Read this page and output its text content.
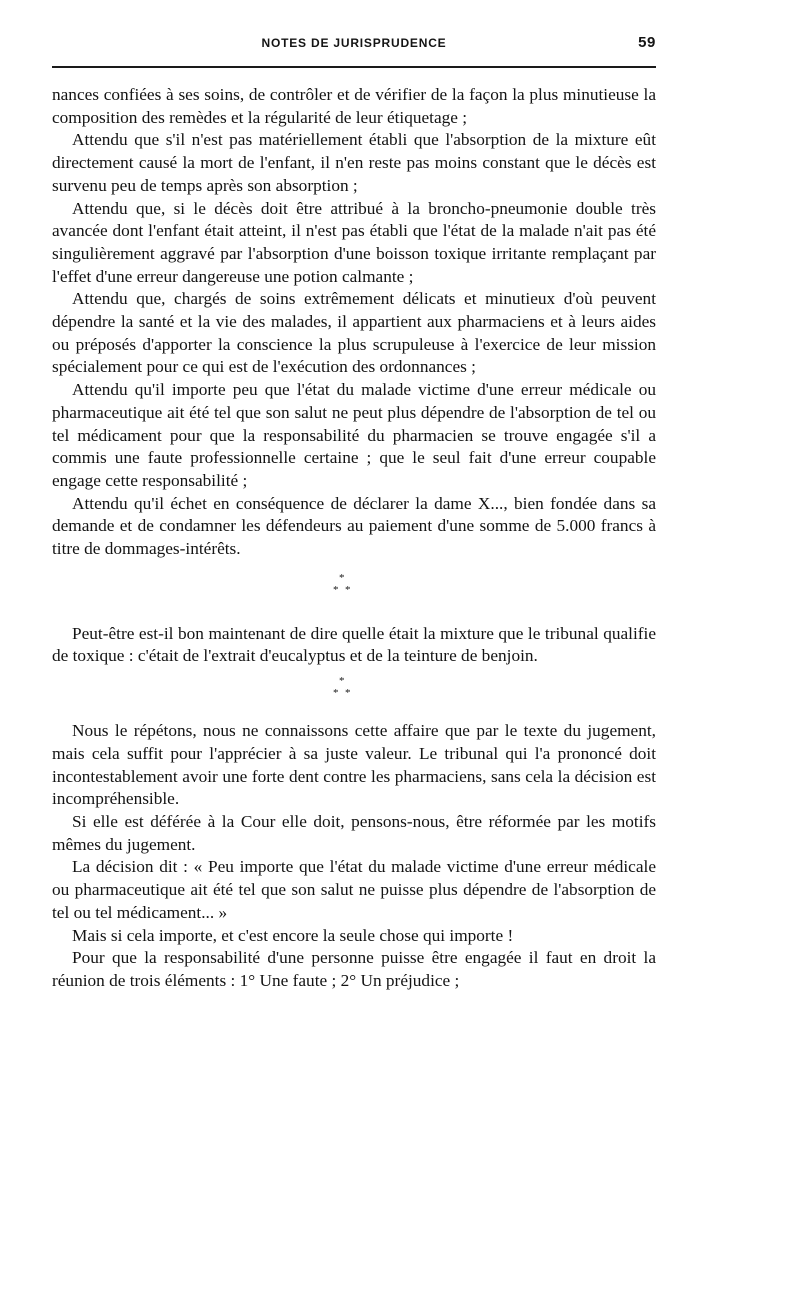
NOTES DE JURISPRUDENCE	59

nances confiées à ses soins, de contrôler et de vérifier de la façon la plus minutieuse la composition des remèdes et la régularité de leur étiquetage ;

Attendu que s'il n'est pas matériellement établi que l'absorption de la mixture eût directement causé la mort de l'enfant, il n'en reste pas moins constant que le décès est survenu peu de temps après son absorption ;

Attendu que, si le décès doit être attribué à la broncho-pneumonie double très avancée dont l'enfant était atteint, il n'est pas établi que l'état de la malade n'ait pas été singulièrement aggravé par l'absorption d'une boisson toxique irritante remplaçant par l'effet d'une erreur dangereuse une potion calmante ;

Attendu que, chargés de soins extrêmement délicats et minutieux d'où peuvent dépendre la santé et la vie des malades, il appartient aux pharmaciens et à leurs aides ou préposés d'apporter la conscience la plus scrupuleuse à l'exercice de leur mission spécialement pour ce qui est de l'exécution des ordonnances ;

Attendu qu'il importe peu que l'état du malade victime d'une erreur médicale ou pharmaceutique ait été tel que son salut ne peut plus dépendre de l'absorption de tel ou tel médicament pour que la responsabilité du pharmacien se trouve engagée s'il a commis une faute professionnelle certaine ; que le seul fait d'une erreur coupable engage cette responsabilité ;

Attendu qu'il échet en conséquence de déclarer la dame X..., bien fondée dans sa demande et de condamner les défendeurs au paiement d'une somme de 5.000 francs à titre de dommages-intérêts.

*
* *

Peut-être est-il bon maintenant de dire quelle était la mixture que le tribunal qualifie de toxique : c'était de l'extrait d'eucalyptus et de la teinture de benjoin.

*
* *

Nous le répétons, nous ne connaissons cette affaire que par le texte du jugement, mais cela suffit pour l'apprécier à sa juste valeur. Le tribunal qui l'a prononcé doit incontestablement avoir une forte dent contre les pharmaciens, sans cela la décision est incompréhensible.

Si elle est déférée à la Cour elle doit, pensons-nous, être réformée par les motifs mêmes du jugement.

La décision dit : « Peu importe que l'état du malade victime d'une erreur médicale ou pharmaceutique ait été tel que son salut ne puisse plus dépendre de l'absorption de tel ou tel médicament... »

Mais si cela importe, et c'est encore la seule chose qui importe !

Pour que la responsabilité d'une personne puisse être engagée il faut en droit la réunion de trois éléments : 1° Une faute ; 2° Un préjudice ;
